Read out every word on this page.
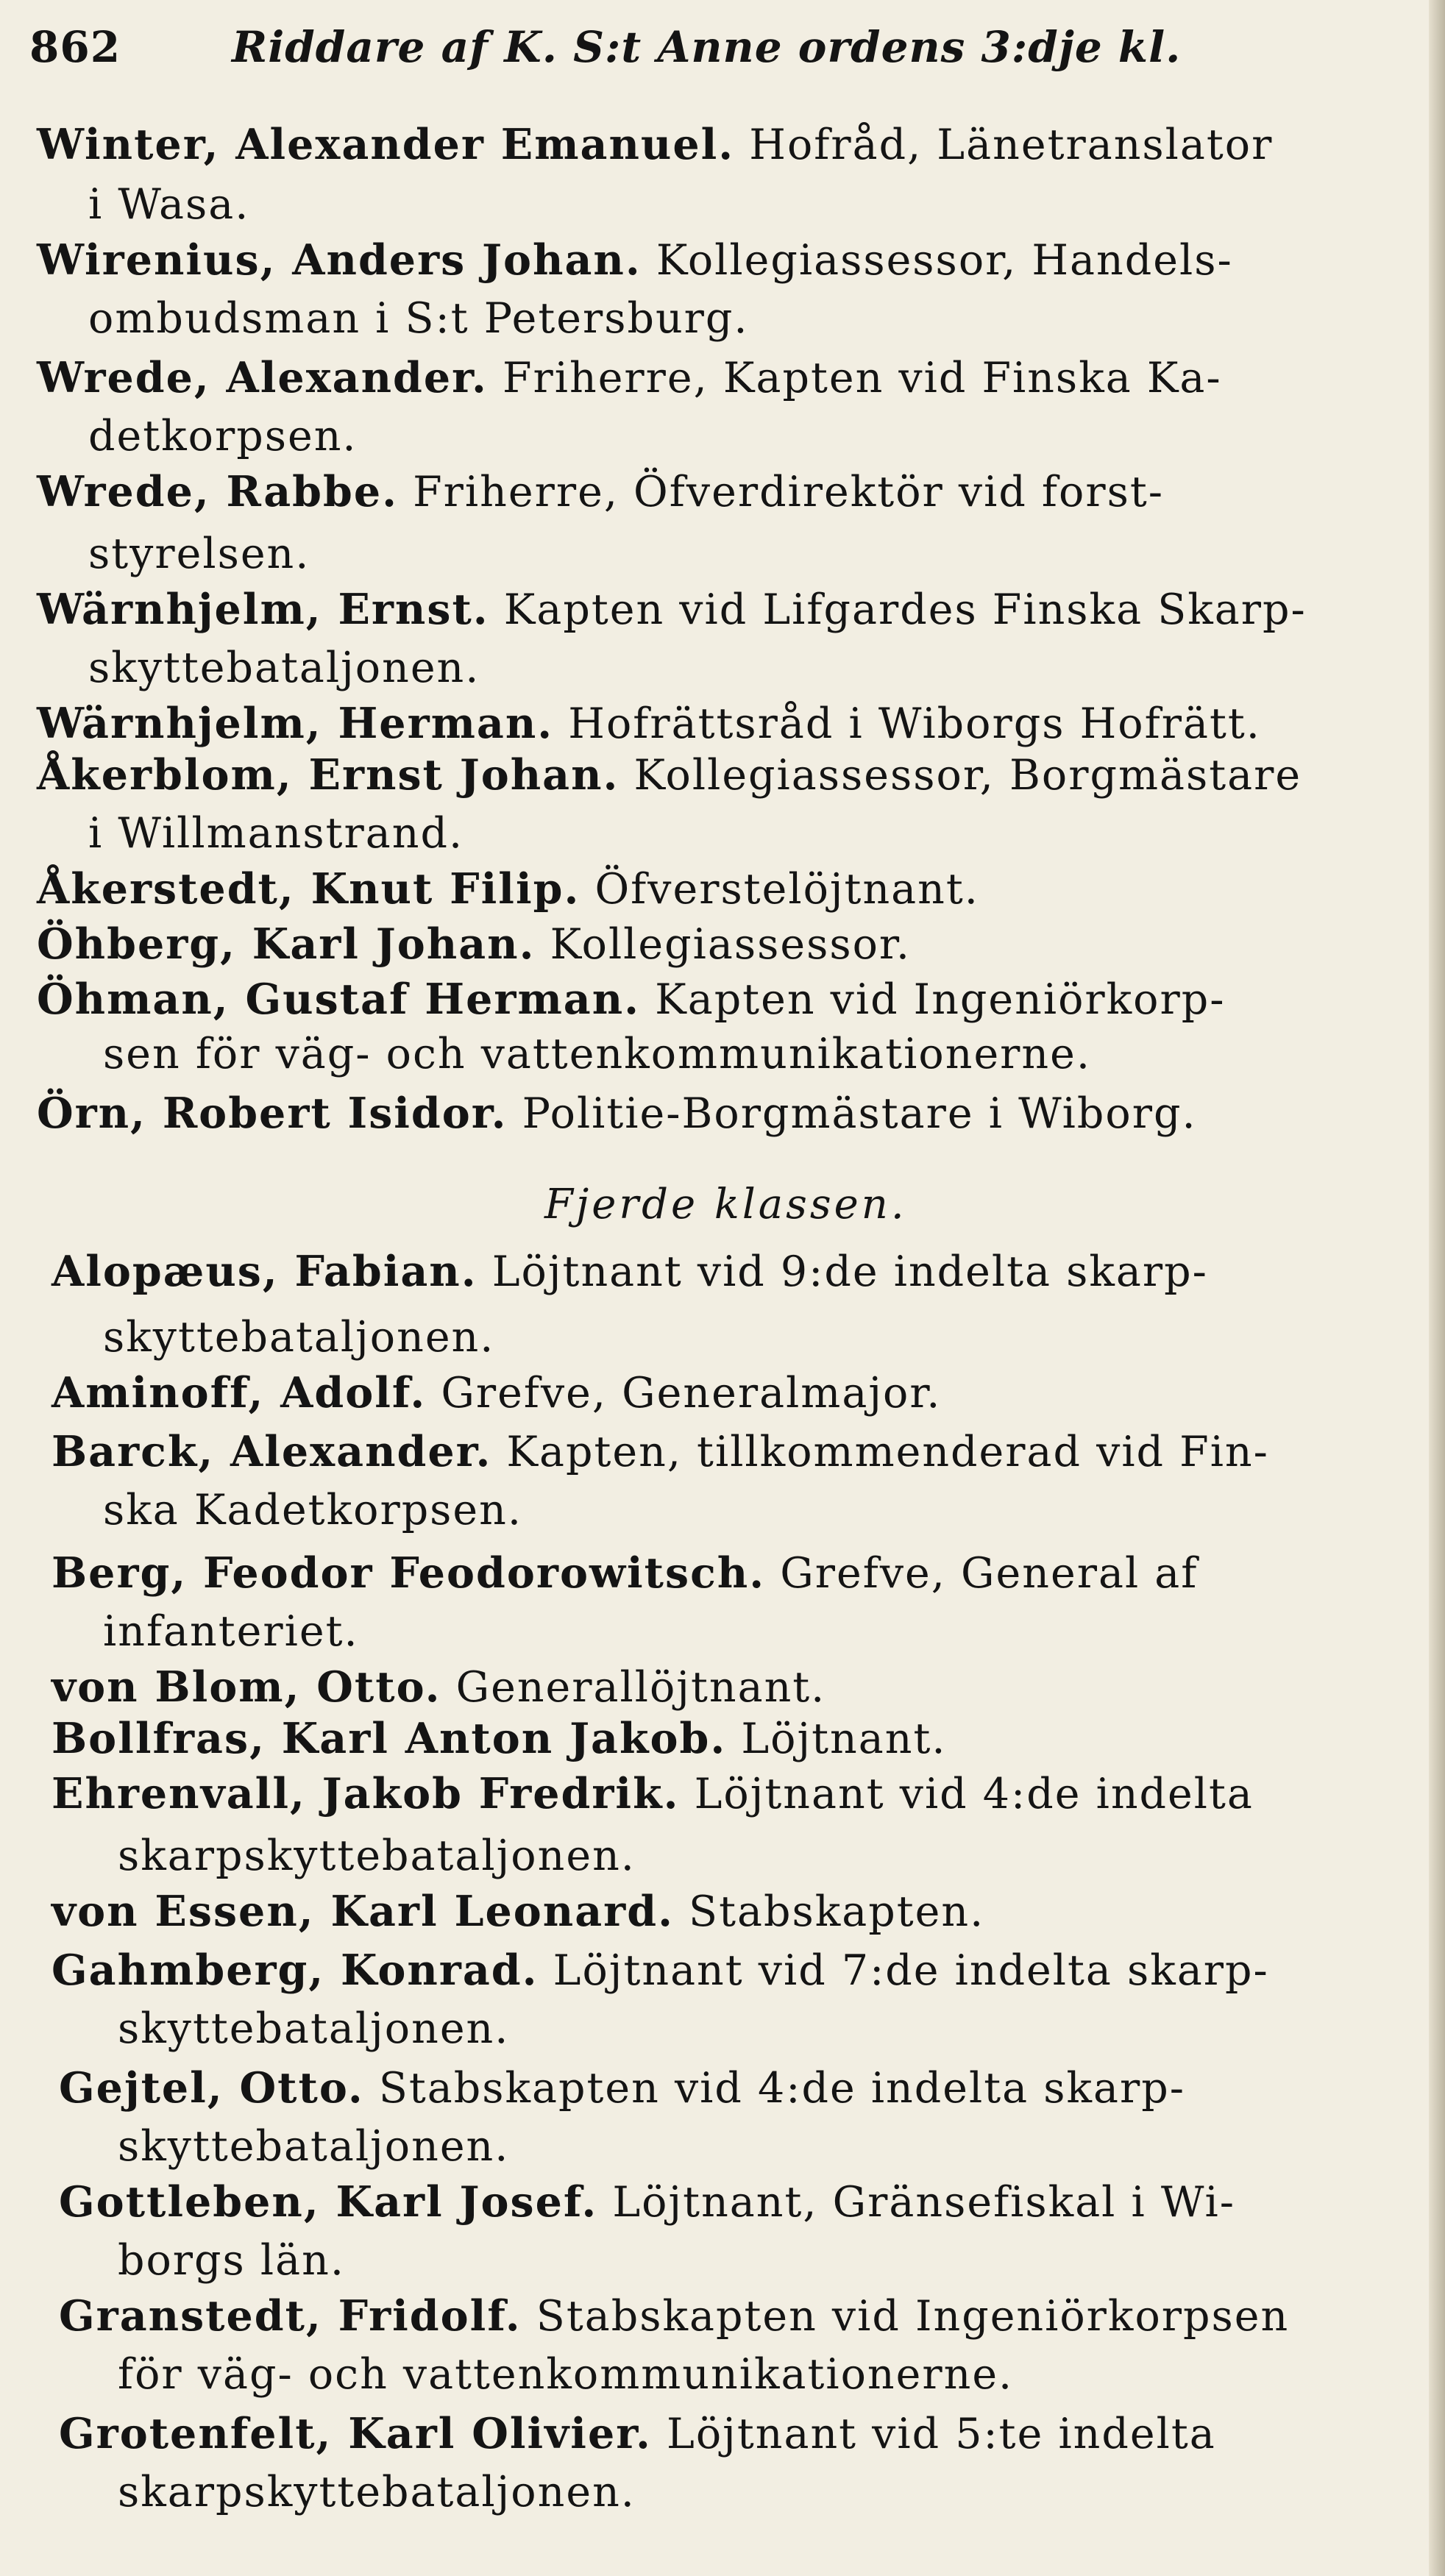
862	Riddare af K. S:t Anne ordens 3:dje kl.
Winter, Alexander Emanuel. Hofråd, Länetranslator
i Wasa.
Wirenius, Anders Johan. Kollegiassessor, Handels-
ombudsman i S:t Petersburg.
Wrede, Alexander. Friherre, Kapten vid Finska Ka-
detkorpsen.
Wrede, Rabbe. Friherre, Öfverdirektör vid forst-
styrelsen.
Wärnhjelm, Ernst. Kapten vid Lifgardes Finska Skarp-
skyttebataljonen.
Wärnhjelm, Herman. Hofrättsråd i Wiborgs Hofrätt.
Åkerblom, Ernst Johan. Kollegiassessor, Borgmästare
i Willmanstrand.
Åkerstedt, Knut Filip. Öfverstelöjtnant.
Öhberg, Karl Johan. Kollegiassessor.
Öhman, Gustaf Herman. Kapten vid Ingeniörkorp-
sen för väg- och vattenkommunikationerne.
Örn, Robert Isidor. Politie-Borgmästare i Wiborg.
Fjerde klassen.
Alopæus, Fabian. Löjtnant vid 9:de indelta skarp-
skyttebataljonen.
Aminoff, Adolf. Grefve, Generalmajor.
Barck, Alexander. Kapten, tillkommenderad vid Fin-
ska Kadetkorpsen.
Berg, Feodor Feodorowitsch. Grefve, General af
infanteriet.
von Blom, Otto. Generallöjtnant.
Bollfras, Karl Anton Jakob. Löjtnant.
Ehrenvall, Jakob Fredrik. Löjtnant vid 4:de indelta
skarpskyttebataljonen.
von Essen, Karl Leonard. Stabskapten.
Gahmberg, Konrad. Löjtnant vid 7:de indelta skarp-
skyttebataljonen.
Gejtel, Otto. Stabskapten vid 4:de indelta skarp-
skyttebataljonen.
Gottleben, Karl Josef. Löjtnant, Gränsefiskal i Wi-
borgs län.
Granstedt, Fridolf. Stabskapten vid Ingeniörkorpsen
för väg- och vattenkommunikationerne.
Grotenfelt, Karl Olivier. Löjtnant vid 5:te indelta
skarpskyttebataljonen.
